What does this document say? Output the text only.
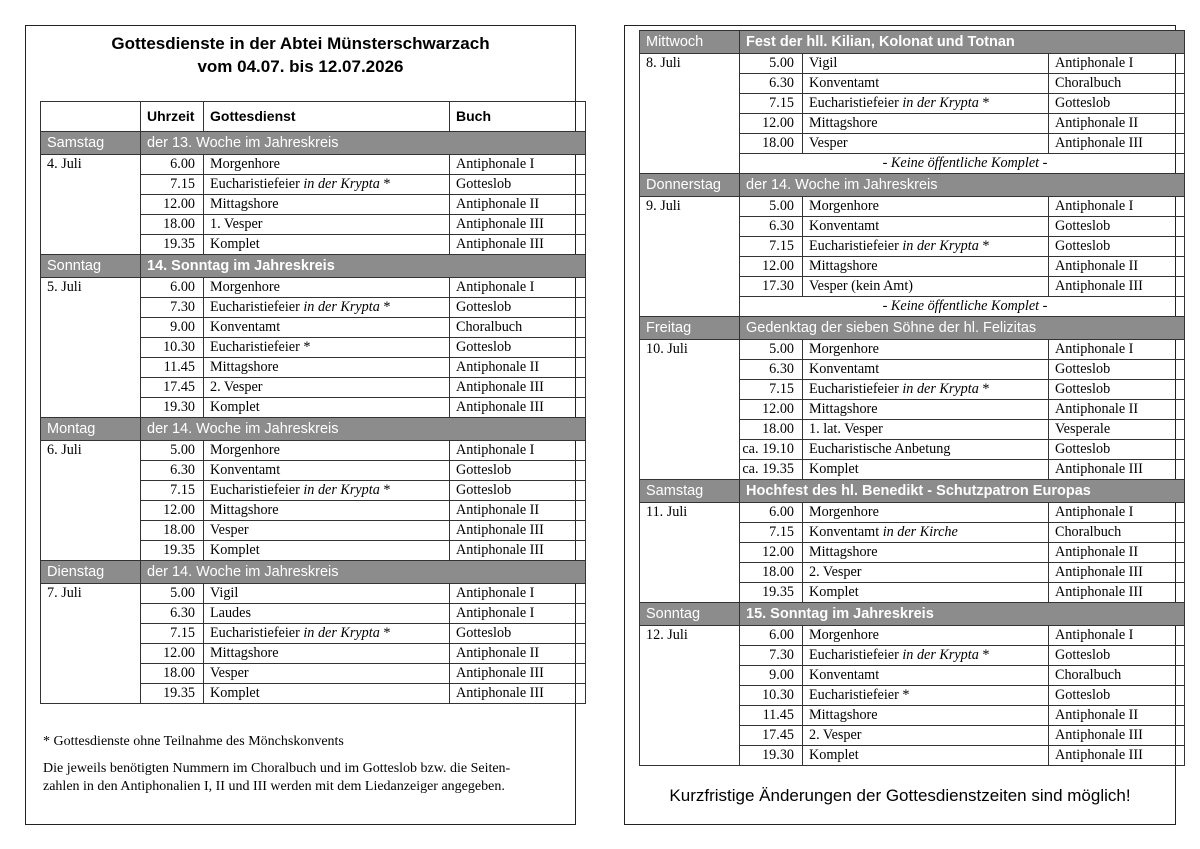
Gottesdienste in der Abtei Münsterschwarzach
vom 04.07. bis 12.07.2026
	Uhrzeit	Gottesdienst	Buch
Samstag	der 13. Woche im Jahreskreis		
4. Juli	6.00	Morgenhore	Antiphonale I
	7.15	Eucharistiefeier in der Krypta *	Gotteslob
	12.00	Mittagshore	Antiphonale II
	18.00	1. Vesper	Antiphonale III
	19.35	Komplet	Antiphonale III
Sonntag	14. Sonntag im Jahreskreis		
5. Juli	6.00	Morgenhore	Antiphonale I
	7.30	Eucharistiefeier in der Krypta *	Gotteslob
	9.00	Konventamt	Choralbuch
	10.30	Eucharistiefeier *	Gotteslob
	11.45	Mittagshore	Antiphonale II
	17.45	2. Vesper	Antiphonale III
	19.30	Komplet	Antiphonale III
Montag	der 14. Woche im Jahreskreis		
6. Juli	5.00	Morgenhore	Antiphonale I
	6.30	Konventamt	Gotteslob
	7.15	Eucharistiefeier in der Krypta *	Gotteslob
	12.00	Mittagshore	Antiphonale II
	18.00	Vesper	Antiphonale III
	19.35	Komplet	Antiphonale III
Dienstag	der 14. Woche im Jahreskreis		
7. Juli	5.00	Vigil	Antiphonale I
	6.30	Laudes	Antiphonale I
	7.15	Eucharistiefeier in der Krypta *	Gotteslob
	12.00	Mittagshore	Antiphonale II
	18.00	Vesper	Antiphonale III
	19.35	Komplet	Antiphonale III
* Gottesdienste ohne Teilnahme des Mönchskonvents
Die jeweils benötigten Nummern im Choralbuch und im Gotteslob bzw. die Seiten-
zahlen in den Antiphonalien I, II und III werden mit dem Liedanzeiger angegeben.
Mittwoch	Fest der hll. Kilian, Kolonat und Totnan		
8. Juli	5.00	Vigil	Antiphonale I
	6.30	Konventamt	Choralbuch
	7.15	Eucharistiefeier in der Krypta *	Gotteslob
	12.00	Mittagshore	Antiphonale II
	18.00	Vesper	Antiphonale III
	- Keine öffentliche Komplet -		
Donnerstag	der 14. Woche im Jahreskreis		
9. Juli	5.00	Morgenhore	Antiphonale I
	6.30	Konventamt	Gotteslob
	7.15	Eucharistiefeier in der Krypta *	Gotteslob
	12.00	Mittagshore	Antiphonale II
	17.30	Vesper (kein Amt)	Antiphonale III
	- Keine öffentliche Komplet -		
Freitag	Gedenktag der sieben Söhne der hl. Felizitas		
10. Juli	5.00	Morgenhore	Antiphonale I
	6.30	Konventamt	Gotteslob
	7.15	Eucharistiefeier in der Krypta *	Gotteslob
	12.00	Mittagshore	Antiphonale II
	18.00	1. lat. Vesper	Vesperale
	ca. 19.10	Eucharistische Anbetung	Gotteslob
	ca. 19.35	Komplet	Antiphonale III
Samstag	Hochfest des hl. Benedikt - Schutzpatron Europas		
11. Juli	6.00	Morgenhore	Antiphonale I
	7.15	Konventamt in der Kirche	Choralbuch
	12.00	Mittagshore	Antiphonale II
	18.00	2. Vesper	Antiphonale III
	19.35	Komplet	Antiphonale III
Sonntag	15. Sonntag im Jahreskreis		
12. Juli	6.00	Morgenhore	Antiphonale I
	7.30	Eucharistiefeier in der Krypta *	Gotteslob
	9.00	Konventamt	Choralbuch
	10.30	Eucharistiefeier *	Gotteslob
	11.45	Mittagshore	Antiphonale II
	17.45	2. Vesper	Antiphonale III
	19.30	Komplet	Antiphonale III
Kurzfristige Änderungen der Gottesdienstzeiten sind möglich!
